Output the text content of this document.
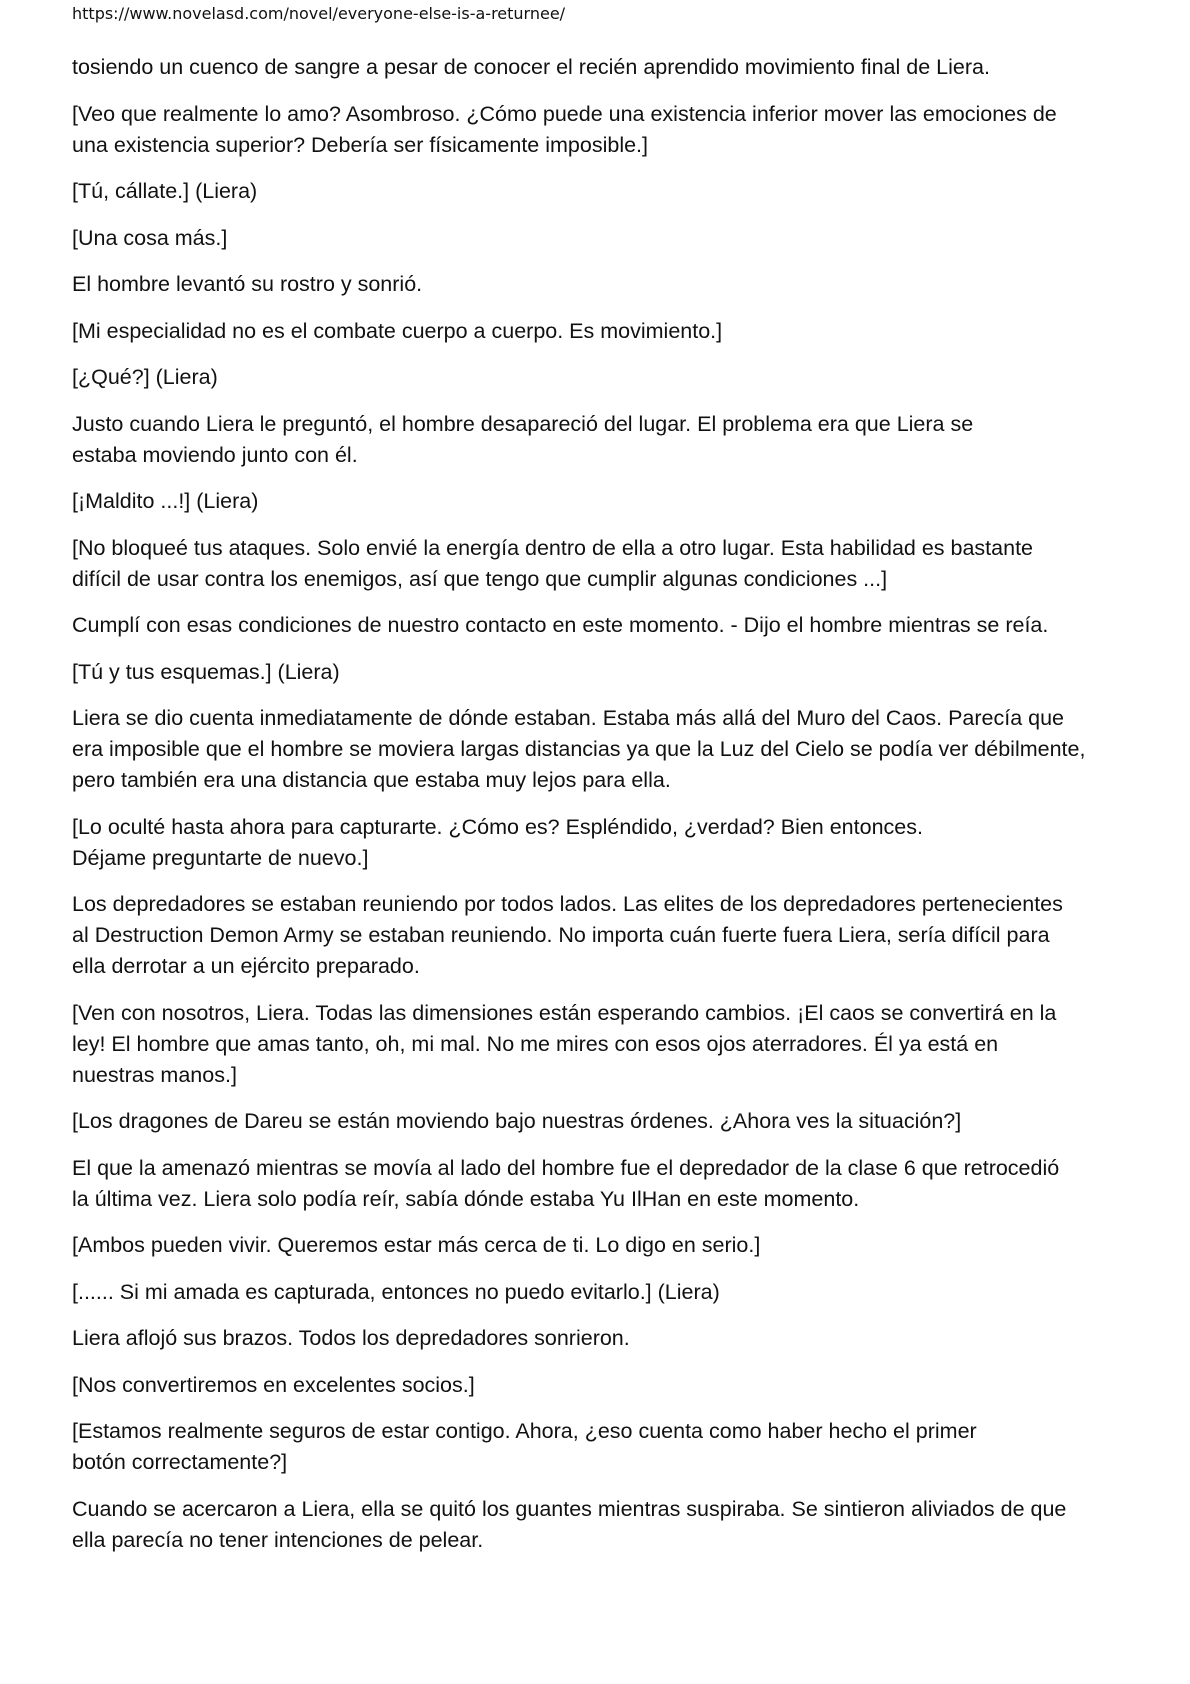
https://www.novelasd.com/novel/everyone-else-is-a-returnee/
tosiendo un cuenco de sangre a pesar de conocer el recién aprendido movimiento final de Liera.
[Veo que realmente lo amo? Asombroso. ¿Cómo puede una existencia inferior mover las emociones de
una existencia superior? Debería ser físicamente imposible.]
[Tú, cállate.] (Liera)
[Una cosa más.]
El hombre levantó su rostro y sonrió.
[Mi especialidad no es el combate cuerpo a cuerpo. Es movimiento.]
[¿Qué?] (Liera)
Justo cuando Liera le preguntó, el hombre desapareció del lugar. El problema era que Liera se
estaba moviendo junto con él.
[¡Maldito ...!] (Liera)
[No bloqueé tus ataques. Solo envié la energía dentro de ella a otro lugar. Esta habilidad es bastante
difícil de usar contra los enemigos, así que tengo que cumplir algunas condiciones ...]
Cumplí con esas condiciones de nuestro contacto en este momento. - Dijo el hombre mientras se reía.
[Tú y tus esquemas.] (Liera)
Liera se dio cuenta inmediatamente de dónde estaban. Estaba más allá del Muro del Caos. Parecía que
era imposible que el hombre se moviera largas distancias ya que la Luz del Cielo se podía ver débilmente,
pero también era una distancia que estaba muy lejos para ella.
[Lo oculté hasta ahora para capturarte. ¿Cómo es? Espléndido, ¿verdad? Bien entonces.
Déjame preguntarte de nuevo.]
Los depredadores se estaban reuniendo por todos lados. Las elites de los depredadores pertenecientes
al Destruction Demon Army se estaban reuniendo. No importa cuán fuerte fuera Liera, sería difícil para
ella derrotar a un ejército preparado.
[Ven con nosotros, Liera. Todas las dimensiones están esperando cambios. ¡El caos se convertirá en la
ley! El hombre que amas tanto, oh, mi mal. No me mires con esos ojos aterradores. Él ya está en
nuestras manos.]
[Los dragones de Dareu se están moviendo bajo nuestras órdenes. ¿Ahora ves la situación?]
El que la amenazó mientras se movía al lado del hombre fue el depredador de la clase 6 que retrocedió
la última vez. Liera solo podía reír, sabía dónde estaba Yu IlHan en este momento.
[Ambos pueden vivir. Queremos estar más cerca de ti. Lo digo en serio.]
[...... Si mi amada es capturada, entonces no puedo evitarlo.] (Liera)
Liera aflojó sus brazos. Todos los depredadores sonrieron.
[Nos convertiremos en excelentes socios.]
[Estamos realmente seguros de estar contigo. Ahora, ¿eso cuenta como haber hecho el primer
botón correctamente?]
Cuando se acercaron a Liera, ella se quitó los guantes mientras suspiraba. Se sintieron aliviados de que
ella parecía no tener intenciones de pelear.
